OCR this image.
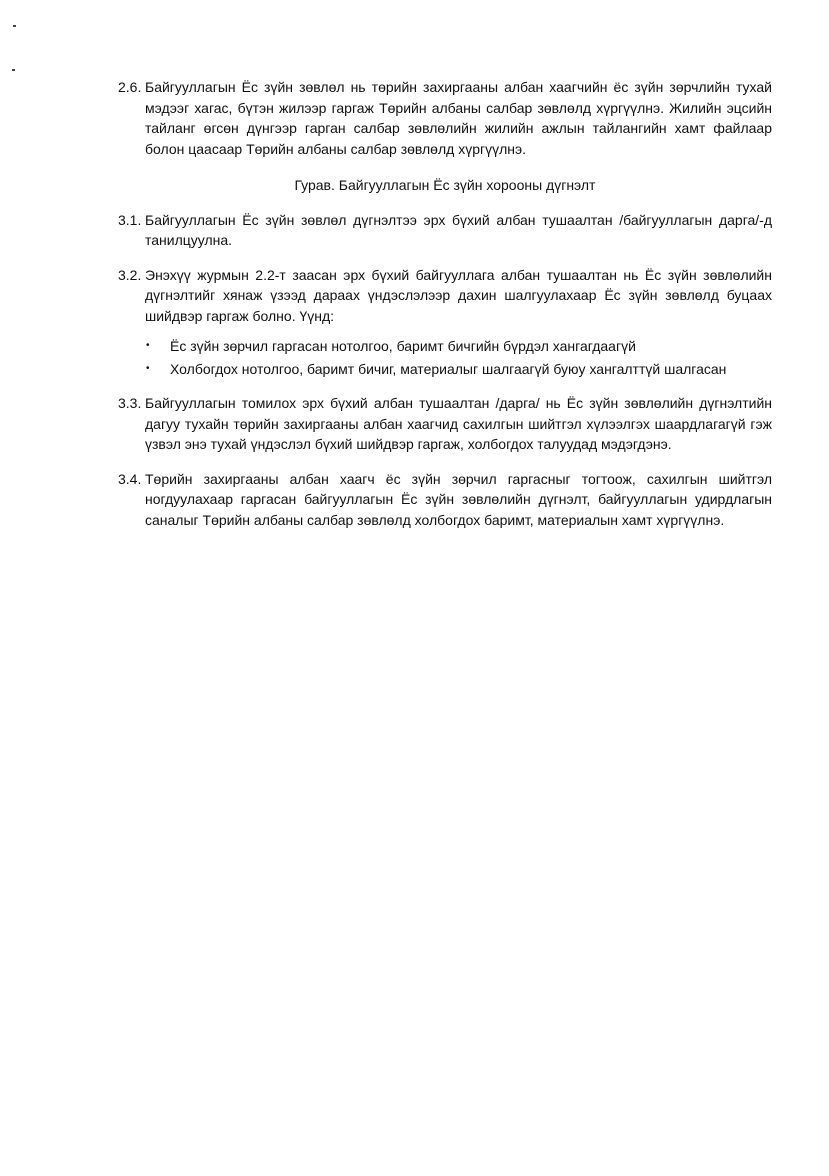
2.6. Байгууллагын Ёс зүйн зөвлөл нь төрийн захиргааны албан хаагчийн ёс зүйн зөрчлийн тухай мэдээг хагас, бүтэн жилээр гаргаж Төрийн албаны салбар зөвлөлд хүргүүлнэ. Жилийн эцсийн тайланг өгсөн дүнгээр гарган салбар зөвлөлийн жилийн ажлын тайлангийн хамт файлаар болон цаасаар Төрийн албаны салбар зөвлөлд хүргүүлнэ.

Гурав. Байгууллагын Ёс зүйн хорооны дүгнэлт

3.1. Байгууллагын Ёс зүйн зөвлөл дүгнэлтээ эрх бүхий албан тушаалтан /байгууллагын дарга/-д танилцуулна.

3.2. Энэхүү журмын 2.2-т заасан эрх бүхий байгууллага албан тушаалтан нь Ёс зүйн зөвлөлийн дүгнэлтийг хянаж үзээд дараах үндэслэлээр дахин шалгуулахаар Ёс зүйн зөвлөлд буцаах шийдвэр гаргаж болно. Үүнд:

• Ёс зүйн зөрчил гаргасан нотолгоо, баримт бичгийн бүрдэл хангагдаагүй
• Холбогдох нотолгоо, баримт бичиг, материалыг шалгаагүй буюу хангалттүй шалгасан

3.3. Байгууллагын томилох эрх бүхий албан тушаалтан /дарга/ нь Ёс зүйн зөвлөлийн дүгнэлтийн дагуу тухайн төрийн захиргааны албан хаагчид сахилгын шийтгэл хүлээлгэх шаардлагагүй гэж үзвэл энэ тухай үндэслэл бүхий шийдвэр гаргаж, холбогдох талуудад мэдэгдэнэ.

3.4. Төрийн захиргааны албан хаагч ёс зүйн зөрчил гаргасныг тогтоож, сахилгын шийтгэл ногдуулахаар гаргасан байгууллагын Ёс зүйн зөвлөлийн дүгнэлт, байгууллагын удирдлагын саналыг Төрийн албаны салбар зөвлөлд холбогдох баримт, материалын хамт хүргүүлнэ.
